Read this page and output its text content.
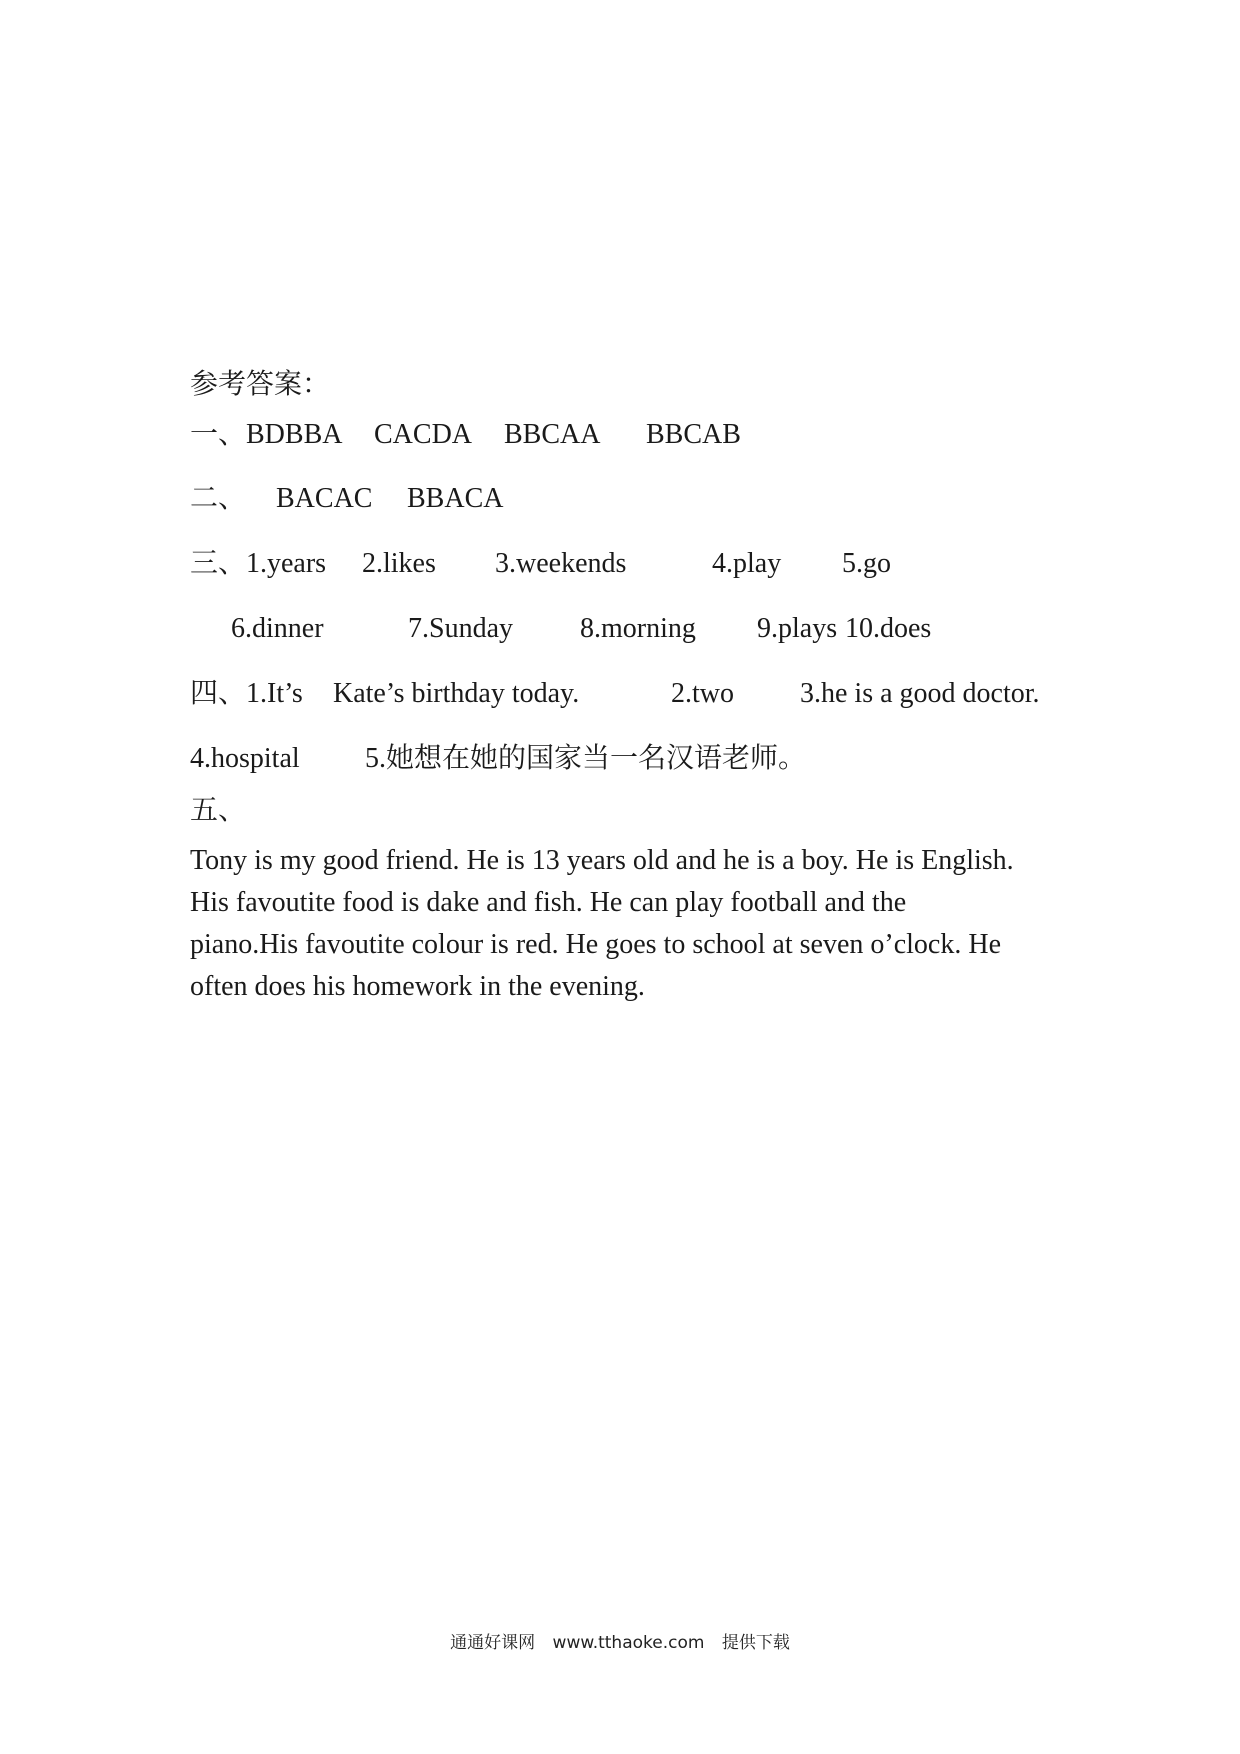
参考答案：
一、 BDBBA CACDA BBCAA BBCAB
二、 BACAC BBACA
三、 1.years 2.likes 3.weekends	4.play 5.go
6.dinner	7.Sunday 8.morning 9.plays 10.does
四、 1.It’s Kate’s birthday today.	2.two 3.he is a good doctor.
4.hospital 5.她想在她的国家当一名汉语老师。
五、
Tony is my good friend. He is 13 years old and he is a boy. He is English.
His favoutite food is dake and fish. He can play football and the
piano.His favoutite colour is red. He goes to school at seven o’clock. He
often does his homework in the evening.
通通好课网 www.tthaoke.com 提供下载
